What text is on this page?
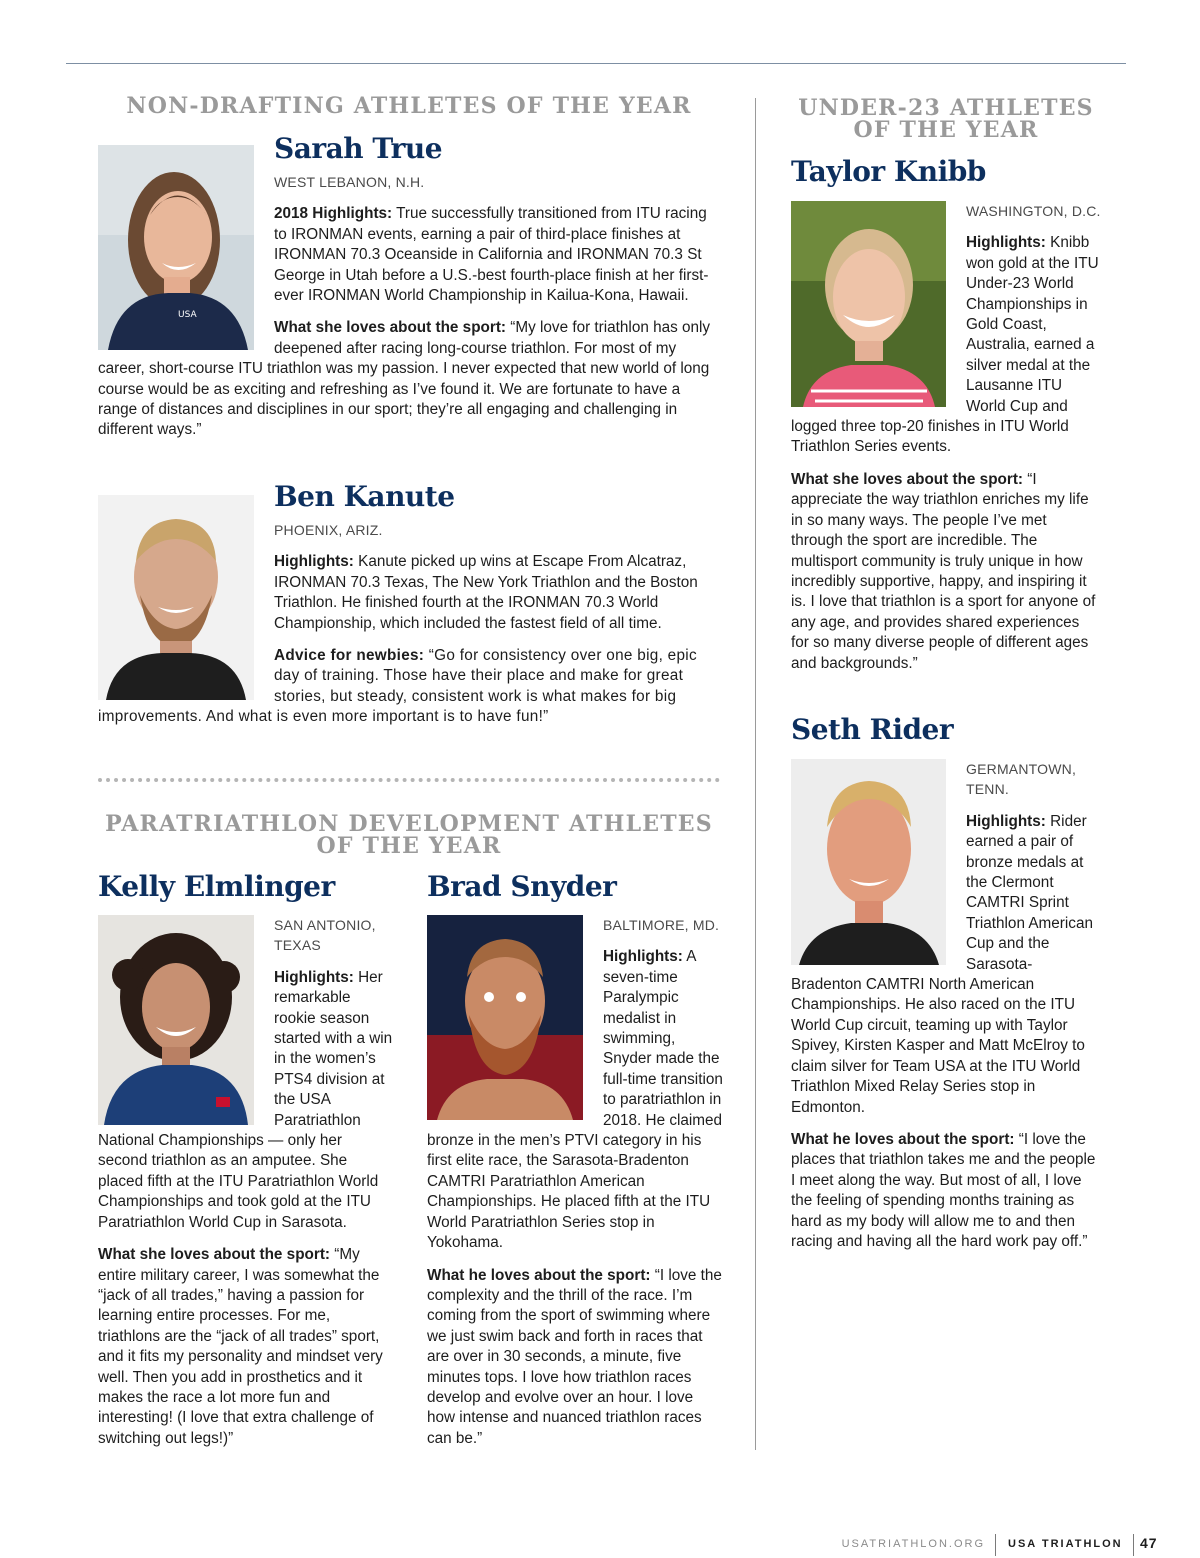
NON-DRAFTING ATHLETES OF THE YEAR	UNDER-23 ATHLETES
OF THE YEAR
PARATRIATHLON DEVELOPMENT ATHLETES
OF THE YEAR
Sarah True
USA

WEST LEBANON, N.H.

2018 Highlights: True successfully transitioned from ITU racing to IRONMAN events, earning a pair of third-place finishes at IRONMAN 70.3 Oceanside in California and IRONMAN 70.3 St George in Utah before a U.S.-best fourth-place finish at her first-ever IRONMAN World Championship in Kailua-Kona, Hawaii.

What she loves about the sport: “My love for triathlon has only deepened after racing long-course triathlon. For most of my career, short-course ITU triathlon was my passion. I never expected that new world of long course would be as exciting and refreshing as I’ve found it. We are fortunate to have a range of distances and disciplines in our sport; they’re all engaging and challenging in different ways.”

Ben Kanute

PHOENIX, ARIZ.

Highlights: Kanute picked up wins at Escape From Alcatraz, IRONMAN 70.3 Texas, The New York Triathlon and the Boston Triathlon. He finished fourth at the IRONMAN 70.3 World Championship, which included the fastest field of all time.

Advice for newbies: “Go for consistency over one big, epic day of training. Those have their place and make for great stories, but steady, consistent work is what makes for big improvements. And what is even more important is to have fun!”

Kelly Elmlinger

SAN ANTONIO, TEXAS

Highlights: Her remarkable rookie season started with a win in the women’s PTS4 division at the USA Paratriathlon National Championships — only her second triathlon as an amputee. She placed fifth at the ITU Paratriathlon World Championships and took gold at the ITU Paratriathlon World Cup in Sarasota.

What she loves about the sport: “My entire military career, I was somewhat the “jack of all trades,” having a passion for learning entire processes. For me, triathlons are the “jack of all trades” sport, and it fits my personality and mindset very well. Then you add in prosthetics and it makes the race a lot more fun and interesting! (I love that extra challenge of switching out legs!)”

Brad Snyder

BALTIMORE, MD.

Highlights: A seven-time Paralympic medalist in swimming, Snyder made the full-time transition to paratriathlon in 2018. He claimed bronze in the men’s PTVI category in his first elite race, the Sarasota-Bradenton CAMTRI Paratriathlon American Championships. He placed fifth at the ITU World Paratriathlon Series stop in Yokohama.

What he loves about the sport: “I love the complexity and the thrill of the race. I’m coming from the sport of swimming where we just swim back and forth in races that are over in 30 seconds, a minute, five minutes tops. I love how triathlon races develop and evolve over an hour. I love how intense and nuanced triathlon races can be.”

Taylor Knibb

WASHINGTON, D.C.

Highlights: Knibb won gold at the ITU Under-23 World Championships in Gold Coast, Australia, earned a silver medal at the Lausanne ITU World Cup and logged three top-20 finishes in ITU World Triathlon Series events.

What she loves about the sport: “I appreciate the way triathlon enriches my life in so many ways. The people I’ve met through the sport are incredible. The multisport community is truly unique in how incredibly supportive, happy, and inspiring it is. I love that triathlon is a sport for anyone of any age, and provides shared experiences for so many diverse people of different ages and backgrounds.”

Seth Rider

GERMANTOWN, TENN.

Highlights: Rider earned a pair of bronze medals at the Clermont CAMTRI Sprint Triathlon American Cup and the Sarasota-Bradenton CAMTRI North American Championships. He also raced on the ITU World Cup circuit, teaming up with Taylor Spivey, Kirsten Kasper and Matt McElroy to claim silver for Team USA at the ITU World Triathlon Mixed Relay Series stop in Edmonton.

What he loves about the sport: “I love the places that triathlon takes me and the people I meet along the way. But most of all, I love the feeling of spending months training as hard as my body will allow me to and then racing and having all the hard work pay off.”

USATRIATHLON.ORG USA TRIATHLON 47
